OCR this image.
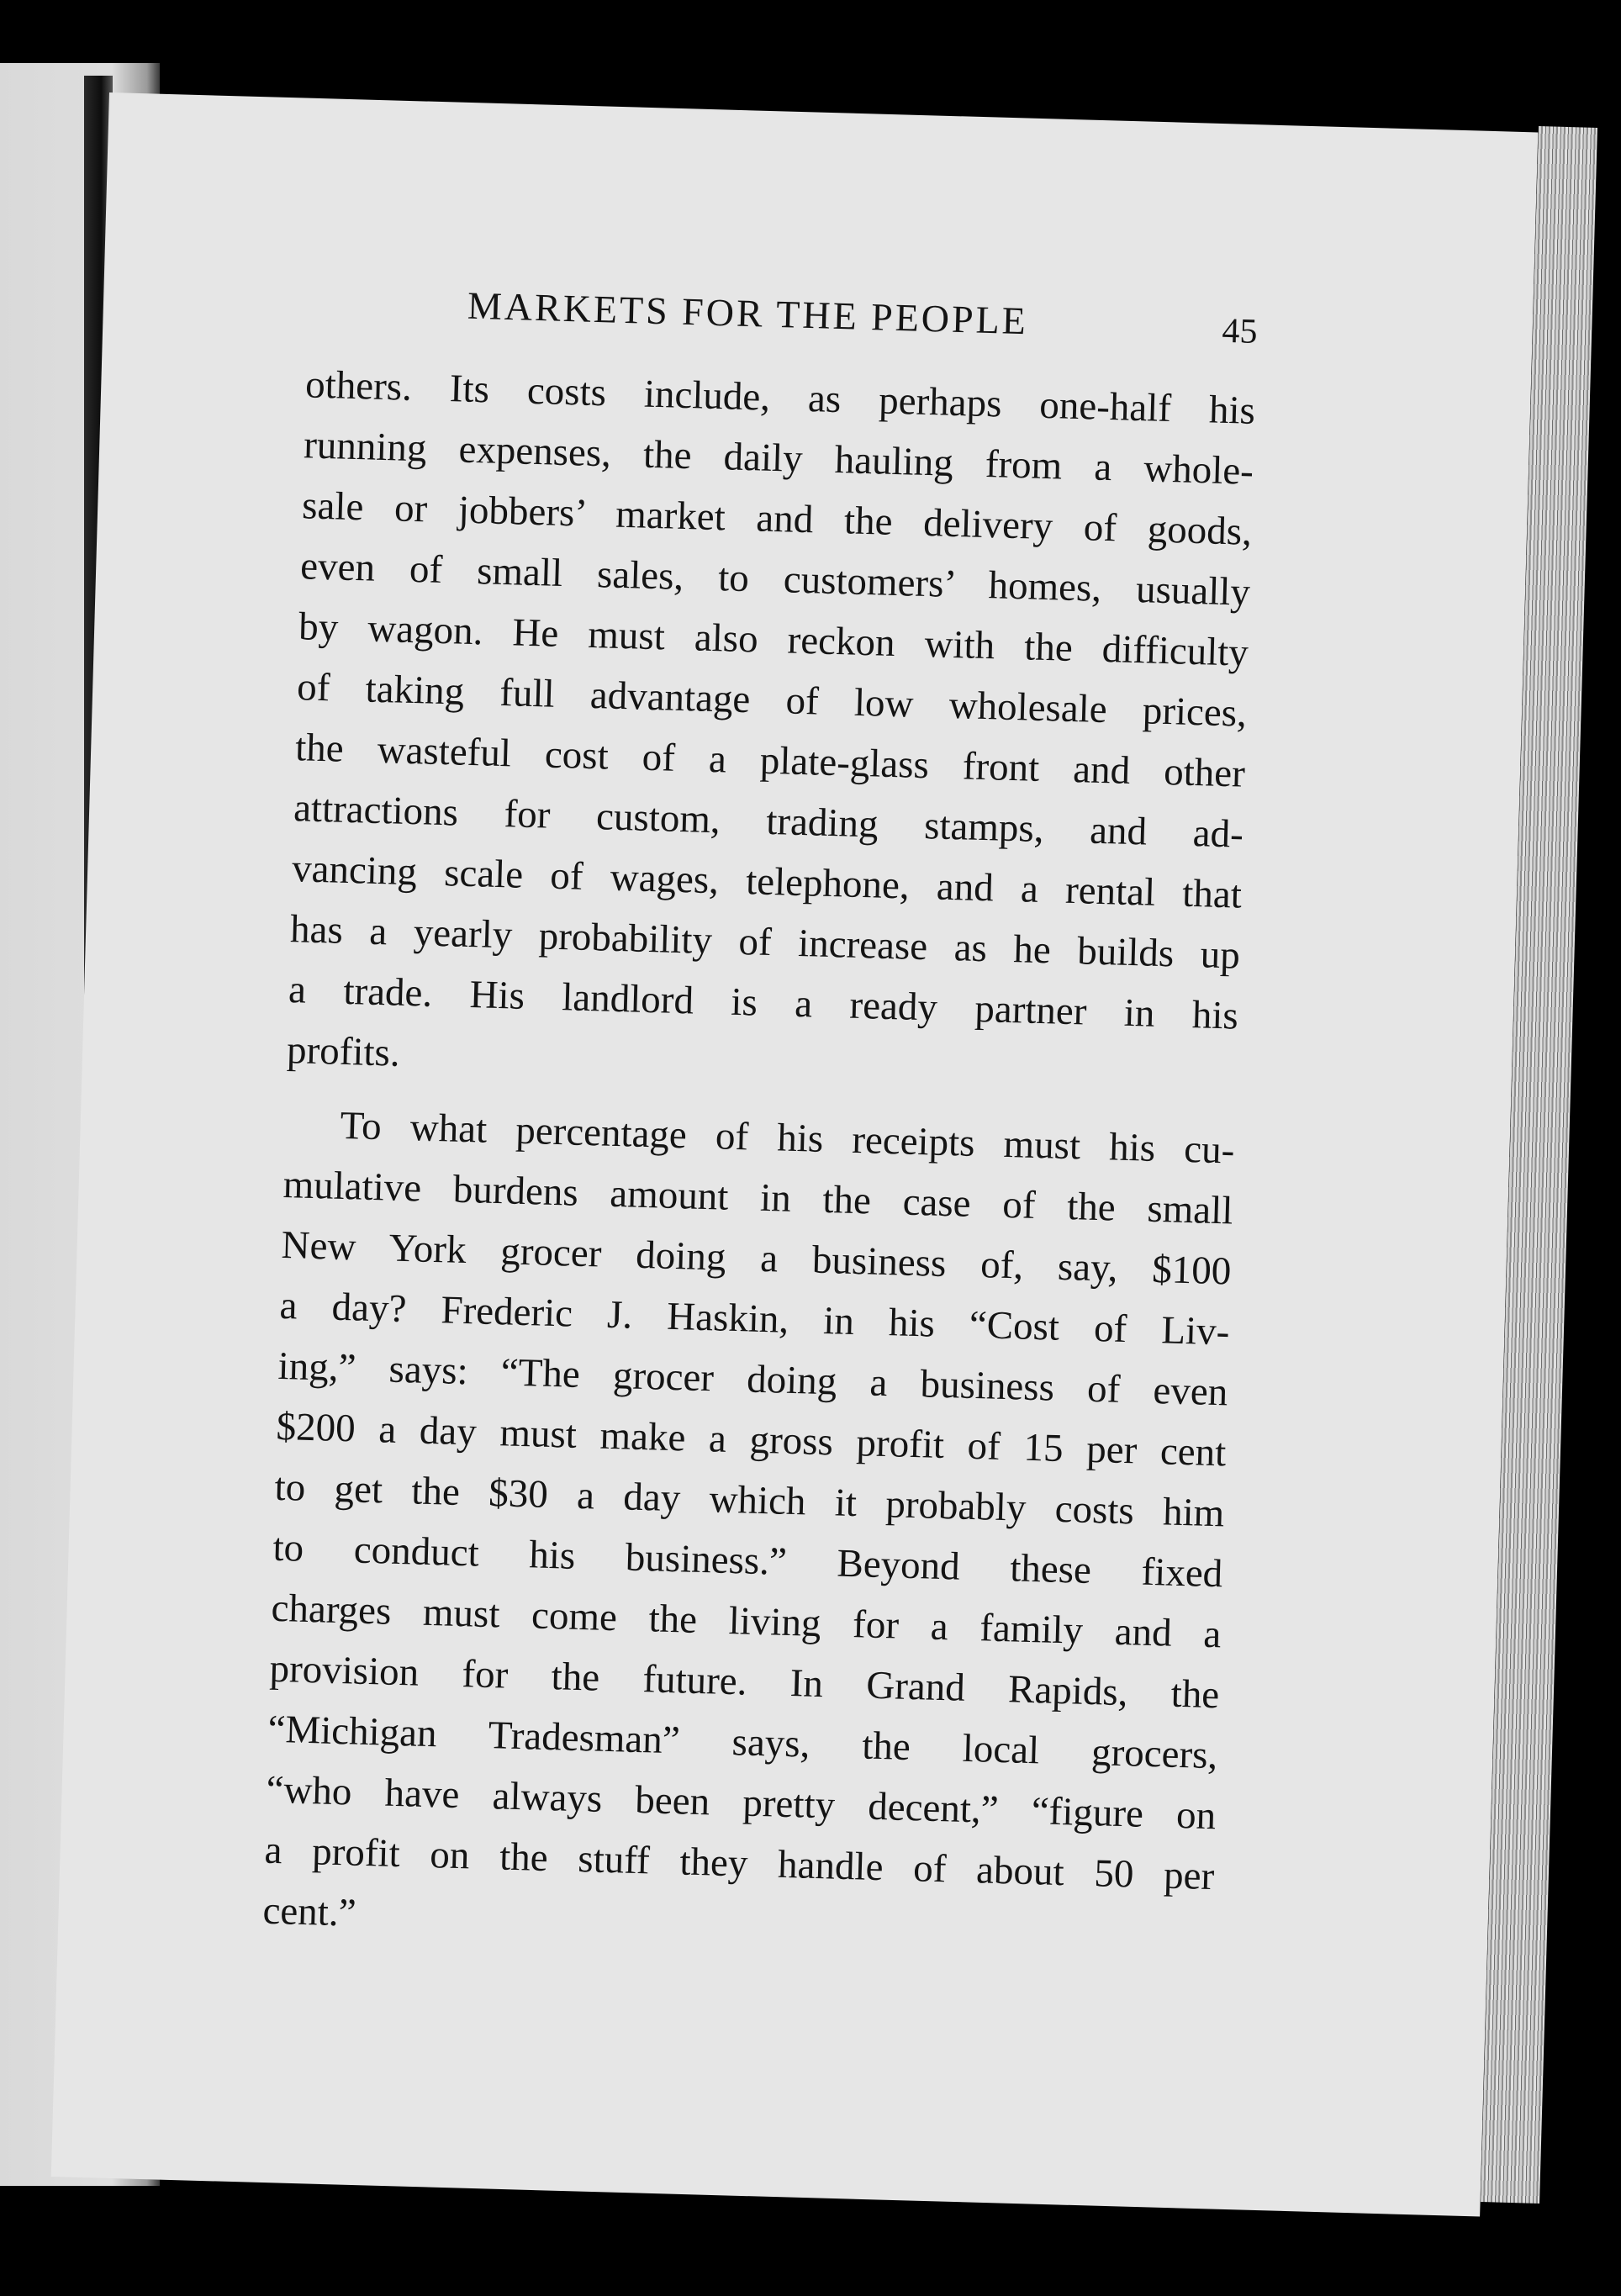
MARKETS FOR THE PEOPLE	45
others. Its costs include, as perhaps one-half his
running expenses, the daily hauling from a whole-
sale or jobbers’ market and the delivery of goods,
even of small sales, to customers’ homes, usually
by wagon. He must also reckon with the difficulty
of taking full advantage of low wholesale prices,
the wasteful cost of a plate-glass front and other
attractions for custom, trading stamps, and ad-
vancing scale of wages, telephone, and a rental that
has a yearly probability of increase as he builds up
a trade. His landlord is a ready partner in his
profits.
To what percentage of his receipts must his cu-
mulative burdens amount in the case of the small
New York grocer doing a business of, say, $100
a day? Frederic J. Haskin, in his “Cost of Liv-
ing,” says: “The grocer doing a business of even
$200 a day must make a gross profit of 15 per cent
to get the $30 a day which it probably costs him
to conduct his business.” Beyond these fixed
charges must come the living for a family and a
provision for the future. In Grand Rapids, the
“Michigan Tradesman” says, the local grocers,
“who have always been pretty decent,” “figure on
a profit on the stuff they handle of about 50 per
cent.”
